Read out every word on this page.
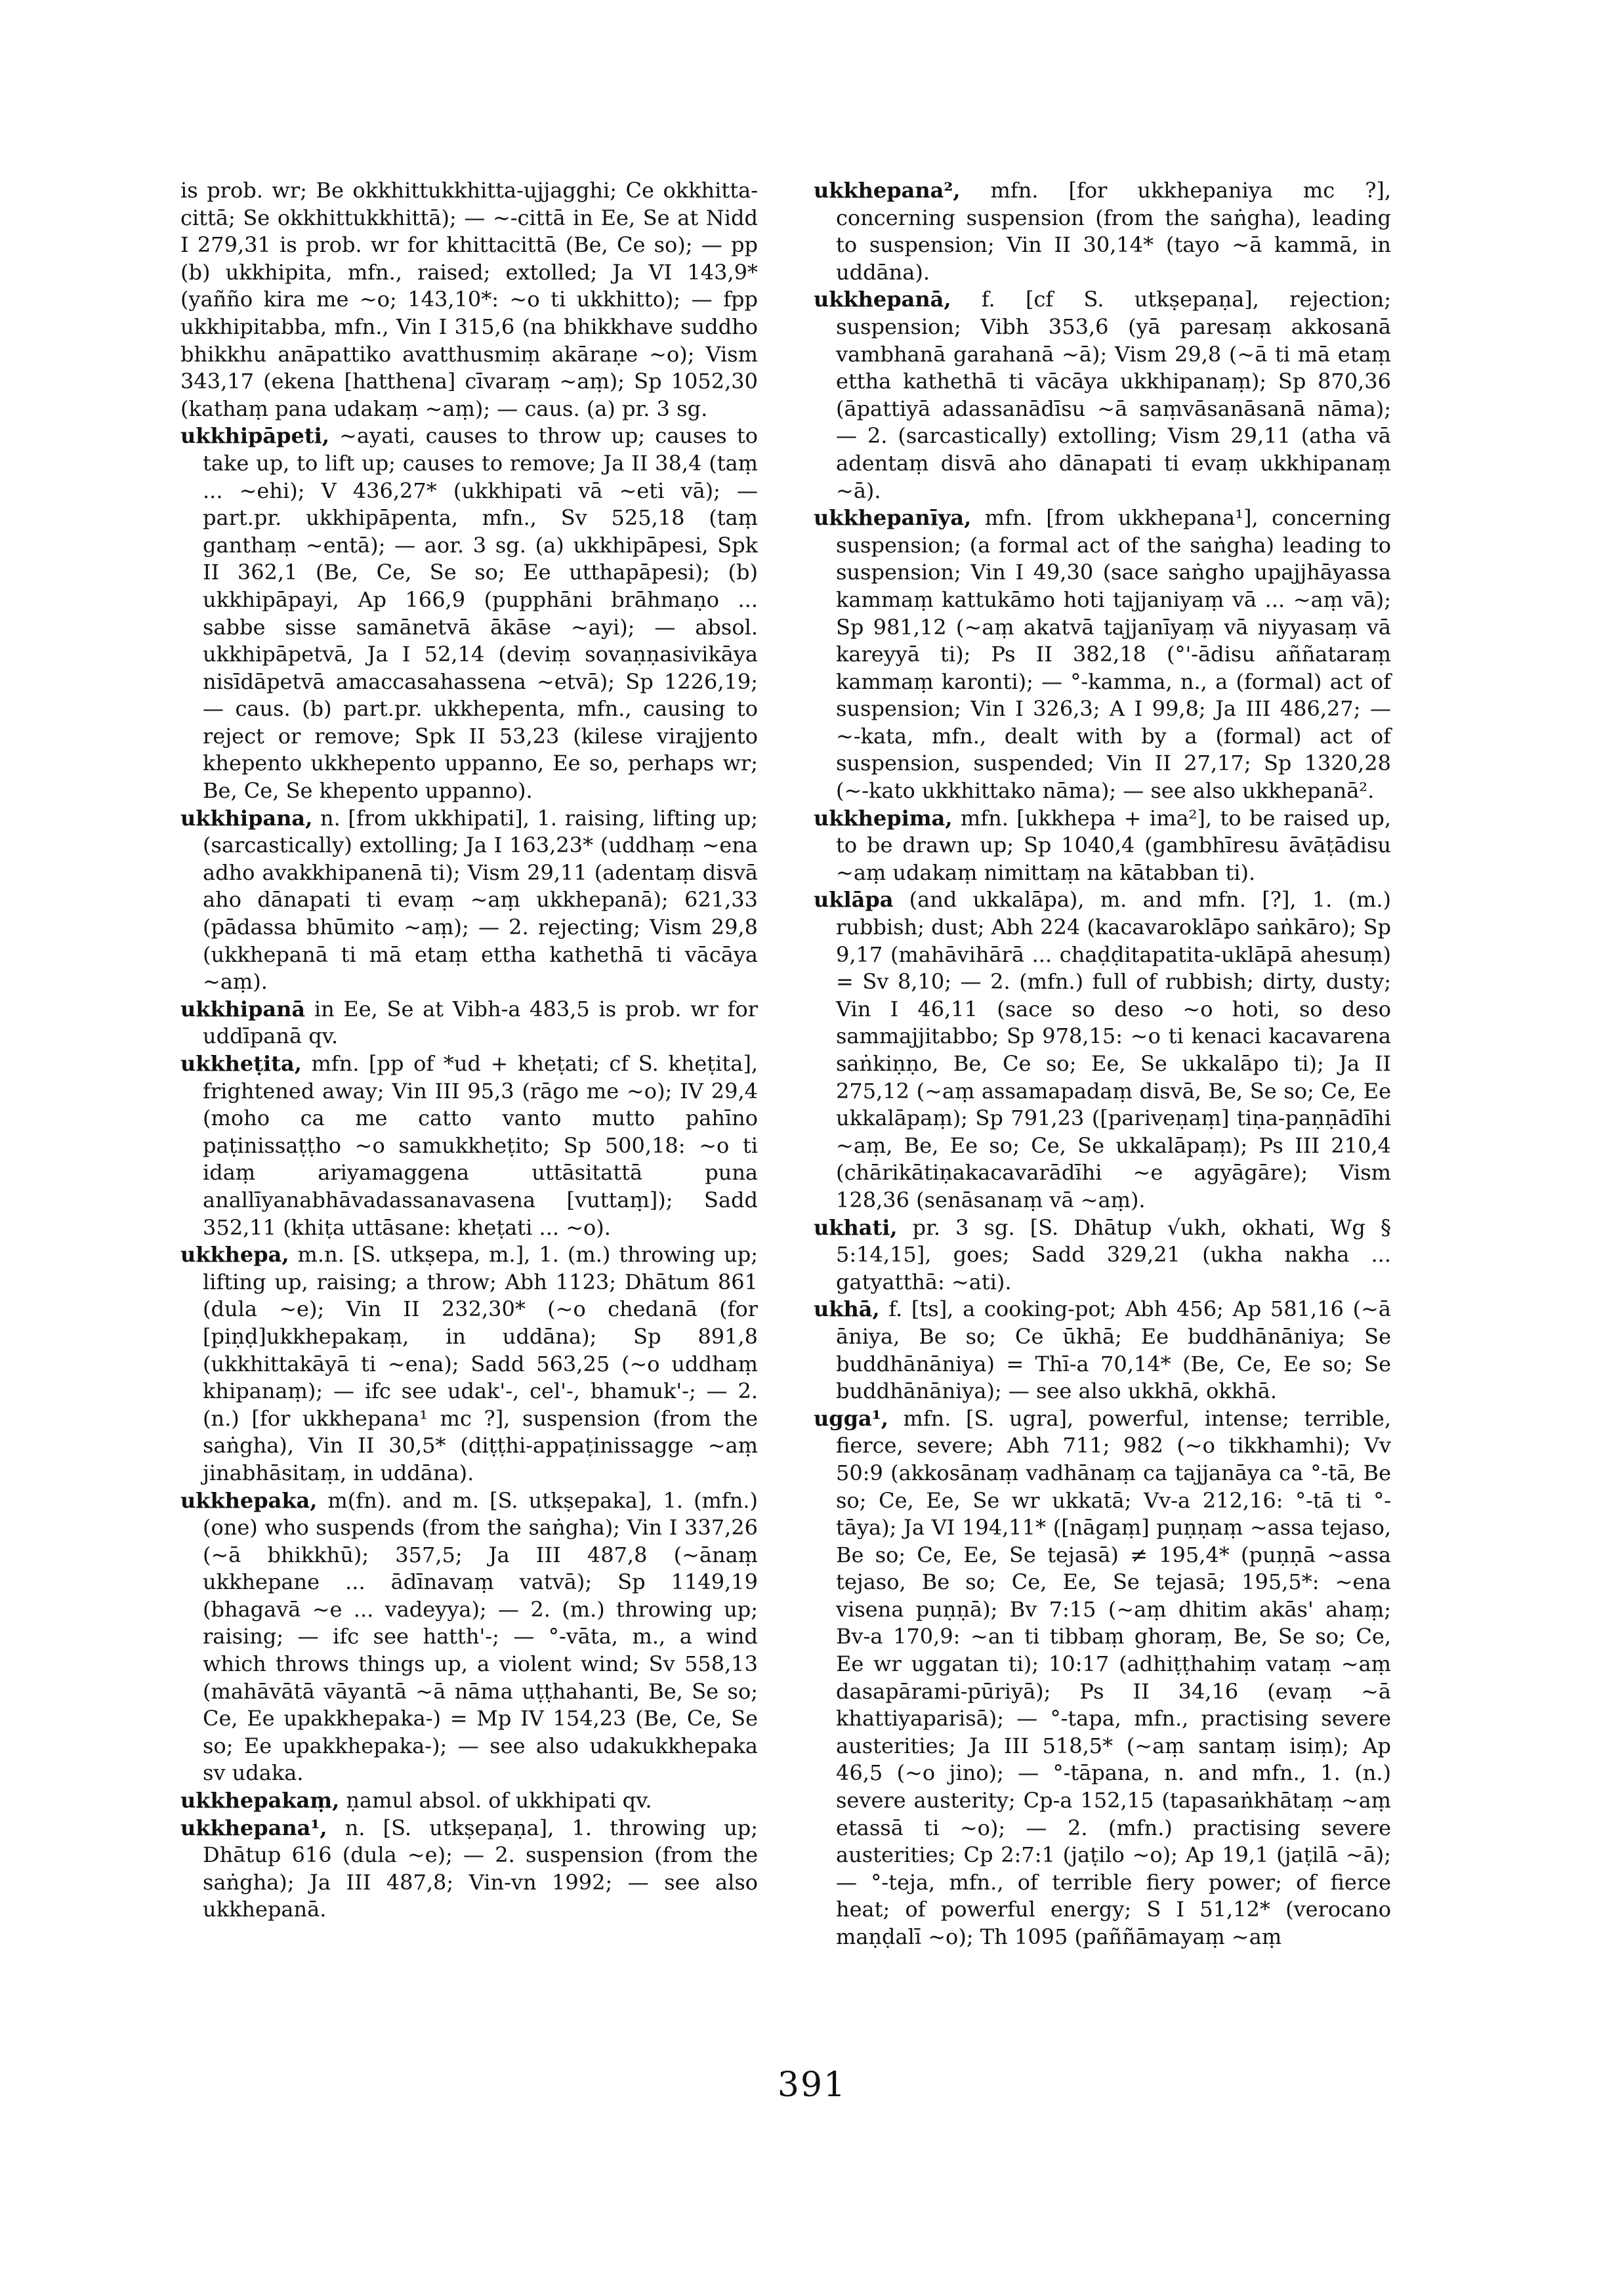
is prob. wr; Be okkhittukkhitta-ujjagghi; Ce okkhitta-cittā; Se okkhittukkhittā); — ~-cittā in Ee, Se at Nidd I 279,31 is prob. wr for khittacittā (Be, Ce so); — pp (b) ukkhipita, mfn., raised; extolled; Ja VI 143,9* (yañño kira me ~o; 143,10*: ~o ti ukkhitto); — fpp ukkhipitabba, mfn., Vin I 315,6 (na bhikkhave suddho bhikkhu anāpattiko avatthusmiṃ akāraṇe ~o); Vism 343,17 (ekena [hatthena] cīvaraṃ ~aṃ); Sp 1052,30 (kathaṃ pana udakaṃ ~aṃ); — caus. (a) pr. 3 sg.

ukkhipāpeti, ~ayati, causes to throw up; causes to take up, to lift up; causes to remove; Ja II 38,4 (taṃ ... ~ehi); V 436,27* (ukkhipati vā ~eti vā); — part.pr. ukkhipāpenta, mfn., Sv 525,18 (taṃ ganthaṃ ~entā); — aor. 3 sg. (a) ukkhipāpesi, Spk II 362,1 (Be, Ce, Se so; Ee utthapāpesi); (b) ukkhipāpayi, Ap 166,9 (pupphāni brāhmaṇo ... sabbe sisse samānetvā ākāse ~ayi); — absol. ukkhipāpetvā, Ja I 52,14 (deviṃ sovaṇṇasivikāya nisīdāpetvā amaccasahassena ~etvā); Sp 1226,19; — caus. (b) part.pr. ukkhepenta, mfn., causing to reject or remove; Spk II 53,23 (kilese virajjento khepento ukkhepento uppanno, Ee so, perhaps wr; Be, Ce, Se khepento uppanno).

ukkhipana, n. [from ukkhipati], 1. raising, lifting up; (sarcastically) extolling; Ja I 163,23* (uddhaṃ ~ena adho avakkhipanenā ti); Vism 29,11 (adentaṃ disvā aho dānapati ti evaṃ ~aṃ ukkhepanā); 621,33 (pādassa bhūmito ~aṃ); — 2. rejecting; Vism 29,8 (ukkhepanā ti mā etaṃ ettha kathethā ti vācāya ~aṃ).

ukkhipanā in Ee, Se at Vibh-a 483,5 is prob. wr for uddīpanā qv.

ukkheṭita, mfn. [pp of *ud + kheṭati; cf S. kheṭita], frightened away; Vin III 95,3 (rāgo me ~o); IV 29,4 (moho ca me catto vanto mutto pahīno paṭinissaṭṭho ~o samukkheṭito; Sp 500,18: ~o ti idaṃ ariyamaggena uttāsitattā puna anallīyanabhāvadassanavasena [vuttaṃ]); Sadd 352,11 (khiṭa uttāsane: kheṭati ... ~o).

ukkhepa, m.n. [S. utkṣepa, m.], 1. (m.) throwing up; lifting up, raising; a throw; Abh 1123; Dhātum 861 (dula ~e); Vin II 232,30* (~o chedanā (for [piṇḍ]ukkhepakaṃ, in uddāna); Sp 891,8 (ukkhittakāyā ti ~ena); Sadd 563,25 (~o uddhaṃ khipanaṃ); — ifc see udak'-, cel'-, bhamuk'-; — 2. (n.) [for ukkhepana¹ mc ?], suspension (from the saṅgha), Vin II 30,5* (diṭṭhi-appaṭinissagge ~aṃ jinabhāsitaṃ, in uddāna).

ukkhepaka, m(fn). and m. [S. utkṣepaka], 1. (mfn.) (one) who suspends (from the saṅgha); Vin I 337,26 (~ā bhikkhū); 357,5; Ja III 487,8 (~ānaṃ ukkhepane ... ādīnavaṃ vatvā); Sp 1149,19 (bhagavā ~e ... vadeyya); — 2. (m.) throwing up; raising; — ifc see hatth'-; — °-vāta, m., a wind which throws things up, a violent wind; Sv 558,13 (mahāvātā vāyantā ~ā nāma uṭṭhahanti, Be, Se so; Ce, Ee upakkhepaka-) = Mp IV 154,23 (Be, Ce, Se so; Ee upakkhepaka-); — see also udakukkhepaka sv udaka.

ukkhepakaṃ, ṇamul absol. of ukkhipati qv.

ukkhepana¹, n. [S. utkṣepaṇa], 1. throwing up; Dhātup 616 (dula ~e); — 2. suspension (from the saṅgha); Ja III 487,8; Vin-vn 1992; — see also ukkhepanā.

ukkhepana², mfn. [for ukkhepaniya mc ?], concerning suspension (from the saṅgha), leading to suspension; Vin II 30,14* (tayo ~ā kammā, in uddāna).

ukkhepanā, f. [cf S. utkṣepaṇa], rejection; suspension; Vibh 353,6 (yā paresaṃ akkosanā vambhanā garahanā ~ā); Vism 29,8 (~ā ti mā etaṃ ettha kathethā ti vācāya ukkhipanaṃ); Sp 870,36 (āpattiyā adassanādīsu ~ā saṃvāsanāsanā nāma); — 2. (sarcastically) extolling; Vism 29,11 (atha vā adentaṃ disvā aho dānapati ti evaṃ ukkhipanaṃ ~ā).

ukkhepanīya, mfn. [from ukkhepana¹], concerning suspension; (a formal act of the saṅgha) leading to suspension; Vin I 49,30 (sace saṅgho upajjhāyassa kammaṃ kattukāmo hoti tajjaniyaṃ vā ... ~aṃ vā); Sp 981,12 (~aṃ akatvā tajjanīyaṃ vā niyyasaṃ vā kareyyā ti); Ps II 382,18 (°'-ādisu aññataraṃ kammaṃ karonti); — °-kamma, n., a (formal) act of suspension; Vin I 326,3; A I 99,8; Ja III 486,27; — ~-kata, mfn., dealt with by a (formal) act of suspension, suspended; Vin II 27,17; Sp 1320,28 (~-kato ukkhittako nāma); — see also ukkhepanā².

ukkhepima, mfn. [ukkhepa + ima²], to be raised up, to be drawn up; Sp 1040,4 (gambhīresu āvāṭādisu ~aṃ udakaṃ nimittaṃ na kātabban ti).

uklāpa (and ukkalāpa), m. and mfn. [?], 1. (m.) rubbish; dust; Abh 224 (kacavaroklāpo saṅkāro); Sp 9,17 (mahāvihārā ... chaḍḍitapatita-uklāpā ahesuṃ) = Sv 8,10; — 2. (mfn.) full of rubbish; dirty, dusty; Vin I 46,11 (sace so deso ~o hoti, so deso sammajjitabbo; Sp 978,15: ~o ti kenaci kacavarena saṅkiṇṇo, Be, Ce so; Ee, Se ukkalāpo ti); Ja II 275,12 (~aṃ assamapadaṃ disvā, Be, Se so; Ce, Ee ukkalāpaṃ); Sp 791,23 ([pariveṇaṃ] tiṇa-paṇṇādīhi ~aṃ, Be, Ee so; Ce, Se ukkalāpaṃ); Ps III 210,4 (chārikātiṇakacavarādīhi ~e agyāgāre); Vism 128,36 (senāsanaṃ vā ~aṃ).

ukhati, pr. 3 sg. [S. Dhātup √ukh, okhati, Wg § 5:14,15], goes; Sadd 329,21 (ukha nakha ... gatyatthā: ~ati).

ukhā, f. [ts], a cooking-pot; Abh 456; Ap 581,16 (~ā āniya, Be so; Ce ūkhā; Ee buddhānāniya; Se buddhānāniya) = Thī-a 70,14* (Be, Ce, Ee so; Se buddhānāniya); — see also ukkhā, okkhā.

ugga¹, mfn. [S. ugra], powerful, intense; terrible, fierce, severe; Abh 711; 982 (~o tikkhamhi); Vv 50:9 (akkosānaṃ vadhānaṃ ca tajjanāya ca °-tā, Be so; Ce, Ee, Se wr ukkatā; Vv-a 212,16: °-tā ti °-tāya); Ja VI 194,11* ([nāgaṃ] puṇṇaṃ ~assa tejaso, Be so; Ce, Ee, Se tejasā) ≠ 195,4* (puṇṇā ~assa tejaso, Be so; Ce, Ee, Se tejasā; 195,5*: ~ena visena puṇṇā); Bv 7:15 (~aṃ dhitim akās' ahaṃ; Bv-a 170,9: ~an ti tibbaṃ ghoraṃ, Be, Se so; Ce, Ee wr uggatan ti); 10:17 (adhiṭṭhahiṃ vataṃ ~aṃ dasapārami-pūriyā); Ps II 34,16 (evaṃ ~ā khattiyaparisā); — °-tapa, mfn., practising severe austerities; Ja III 518,5* (~aṃ santaṃ isiṃ); Ap 46,5 (~o jino); — °-tāpana, n. and mfn., 1. (n.) severe austerity; Cp-a 152,15 (tapasaṅkhātaṃ ~aṃ etassā ti ~o); — 2. (mfn.) practising severe austerities; Cp 2:7:1 (jaṭilo ~o); Ap 19,1 (jaṭilā ~ā); — °-teja, mfn., of terrible fiery power; of fierce heat; of powerful energy; S I 51,12* (verocano maṇḍalī ~o); Th 1095 (paññāmayaṃ ~aṃ

391
